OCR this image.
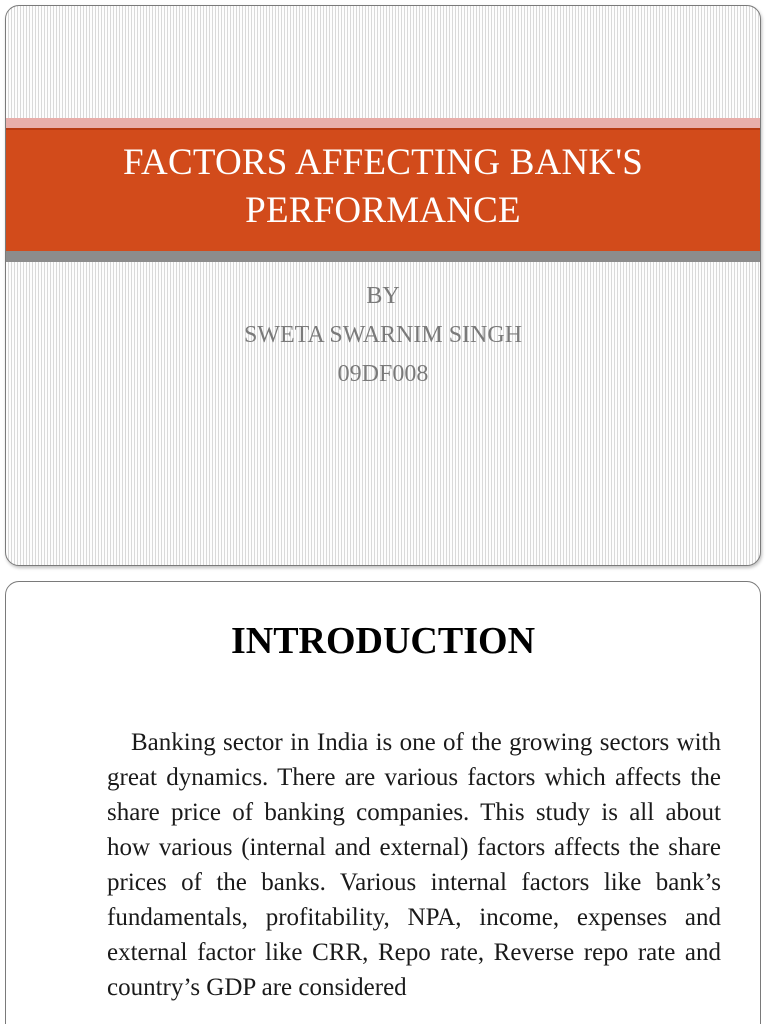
FACTORS AFFECTING BANK'S
PERFORMANCE
BY
SWETA SWARNIM SINGH
09DF008
INTRODUCTION
Banking sector in India is one of the growing sectors with great dynamics. There are various factors which affects the share price of banking companies. This study is all about how various (internal and external) factors affects the share prices of the banks. Various internal factors like bank’s fundamentals, profitability, NPA, income, expenses and external factor like CRR, Repo rate, Reverse repo rate and country’s GDP are considered
